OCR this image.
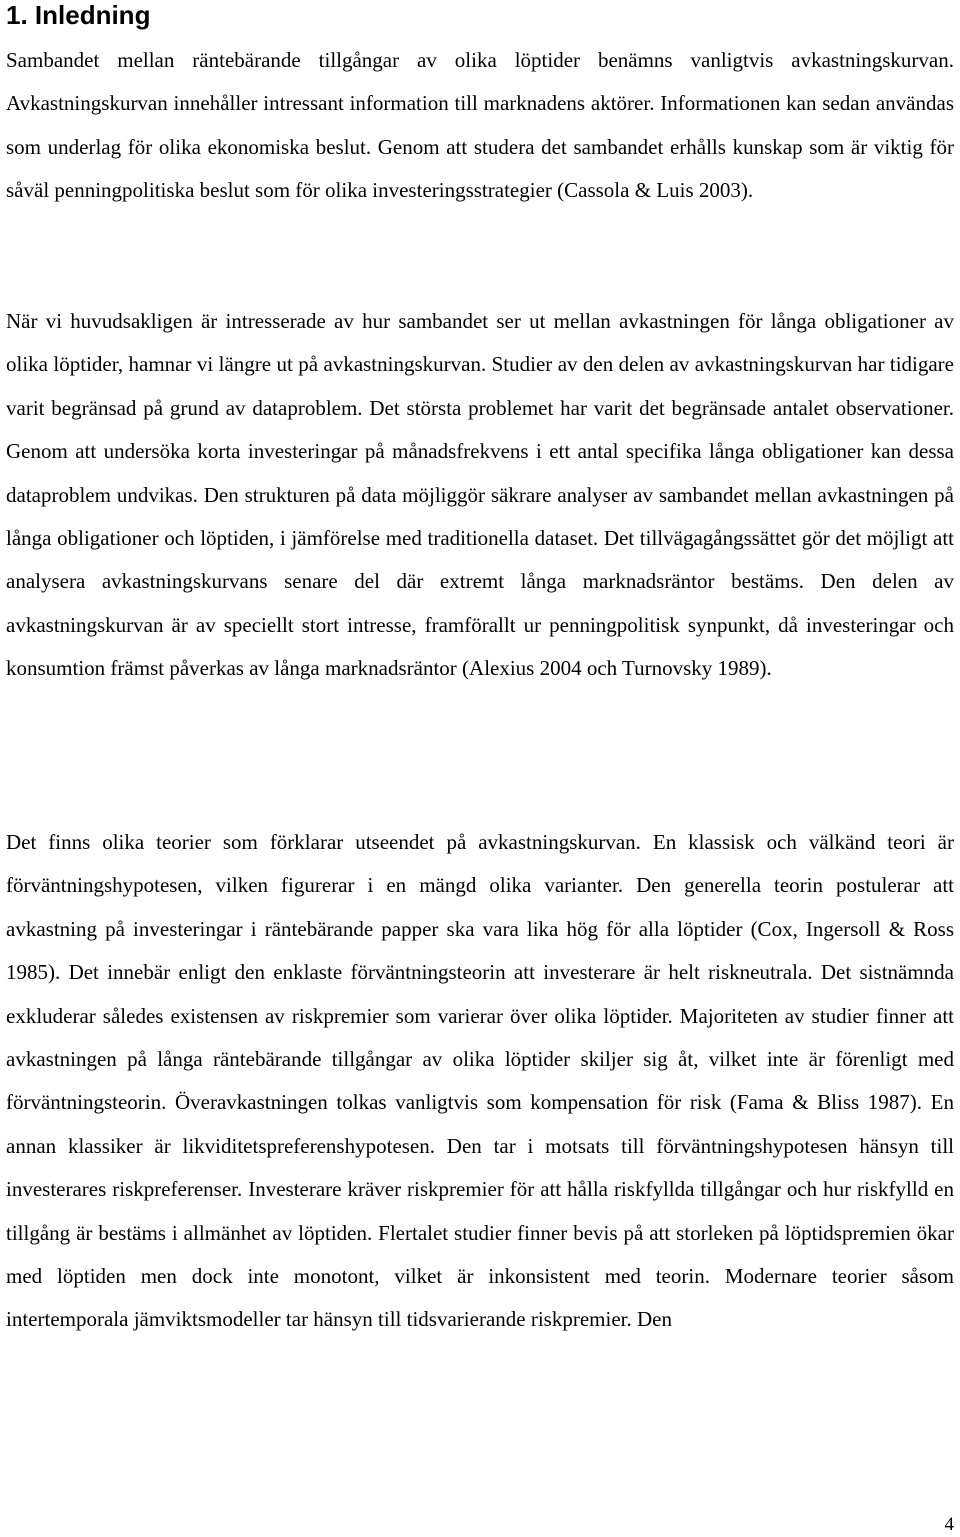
1. Inledning

Sambandet mellan räntebärande tillgångar av olika löptider benämns vanligtvis avkastningskurvan. Avkastningskurvan innehåller intressant information till marknadens aktörer. Informationen kan sedan användas som underlag för olika ekonomiska beslut. Genom att studera det sambandet erhålls kunskap som är viktig för såväl penningpolitiska beslut som för olika investeringsstrategier (Cassola & Luis 2003).

När vi huvudsakligen är intresserade av hur sambandet ser ut mellan avkastningen för långa obligationer av olika löptider, hamnar vi längre ut på avkastningskurvan. Studier av den delen av avkastningskurvan har tidigare varit begränsad på grund av dataproblem. Det största problemet har varit det begränsade antalet observationer. Genom att undersöka korta investeringar på månadsfrekvens i ett antal specifika långa obligationer kan dessa dataproblem undvikas. Den strukturen på data möjliggör säkrare analyser av sambandet mellan avkastningen på långa obligationer och löptiden, i jämförelse med traditionella dataset. Det tillvägagångssättet gör det möjligt att analysera avkastningskurvans senare del där extremt långa marknadsräntor bestäms. Den delen av avkastningskurvan är av speciellt stort intresse, framförallt ur penningpolitisk synpunkt, då investeringar och konsumtion främst påverkas av långa marknadsräntor (Alexius 2004 och Turnovsky 1989).

Det finns olika teorier som förklarar utseendet på avkastningskurvan. En klassisk och välkänd teori är förväntningshypotesen, vilken figurerar i en mängd olika varianter. Den generella teorin postulerar att avkastning på investeringar i räntebärande papper ska vara lika hög för alla löptider (Cox, Ingersoll & Ross 1985). Det innebär enligt den enklaste förväntningsteorin att investerare är helt riskneutrala. Det sistnämnda exkluderar således existensen av riskpremier som varierar över olika löptider. Majoriteten av studier finner att avkastningen på långa räntebärande tillgångar av olika löptider skiljer sig åt, vilket inte är förenligt med förväntningsteorin. Överavkastningen tolkas vanligtvis som kompensation för risk (Fama & Bliss 1987). En annan klassiker är likviditetspreferenshypotesen. Den tar i motsats till förväntningshypotesen hänsyn till investerares riskpreferenser. Investerare kräver riskpremier för att hålla riskfyllda tillgångar och hur riskfylld en tillgång är bestäms i allmänhet av löptiden. Flertalet studier finner bevis på att storleken på löptidspremien ökar med löptiden men dock inte monotont, vilket är inkonsistent med teorin. Modernare teorier såsom intertemporala jämviktsmodeller tar hänsyn till tidsvarierande riskpremier. Den

4
